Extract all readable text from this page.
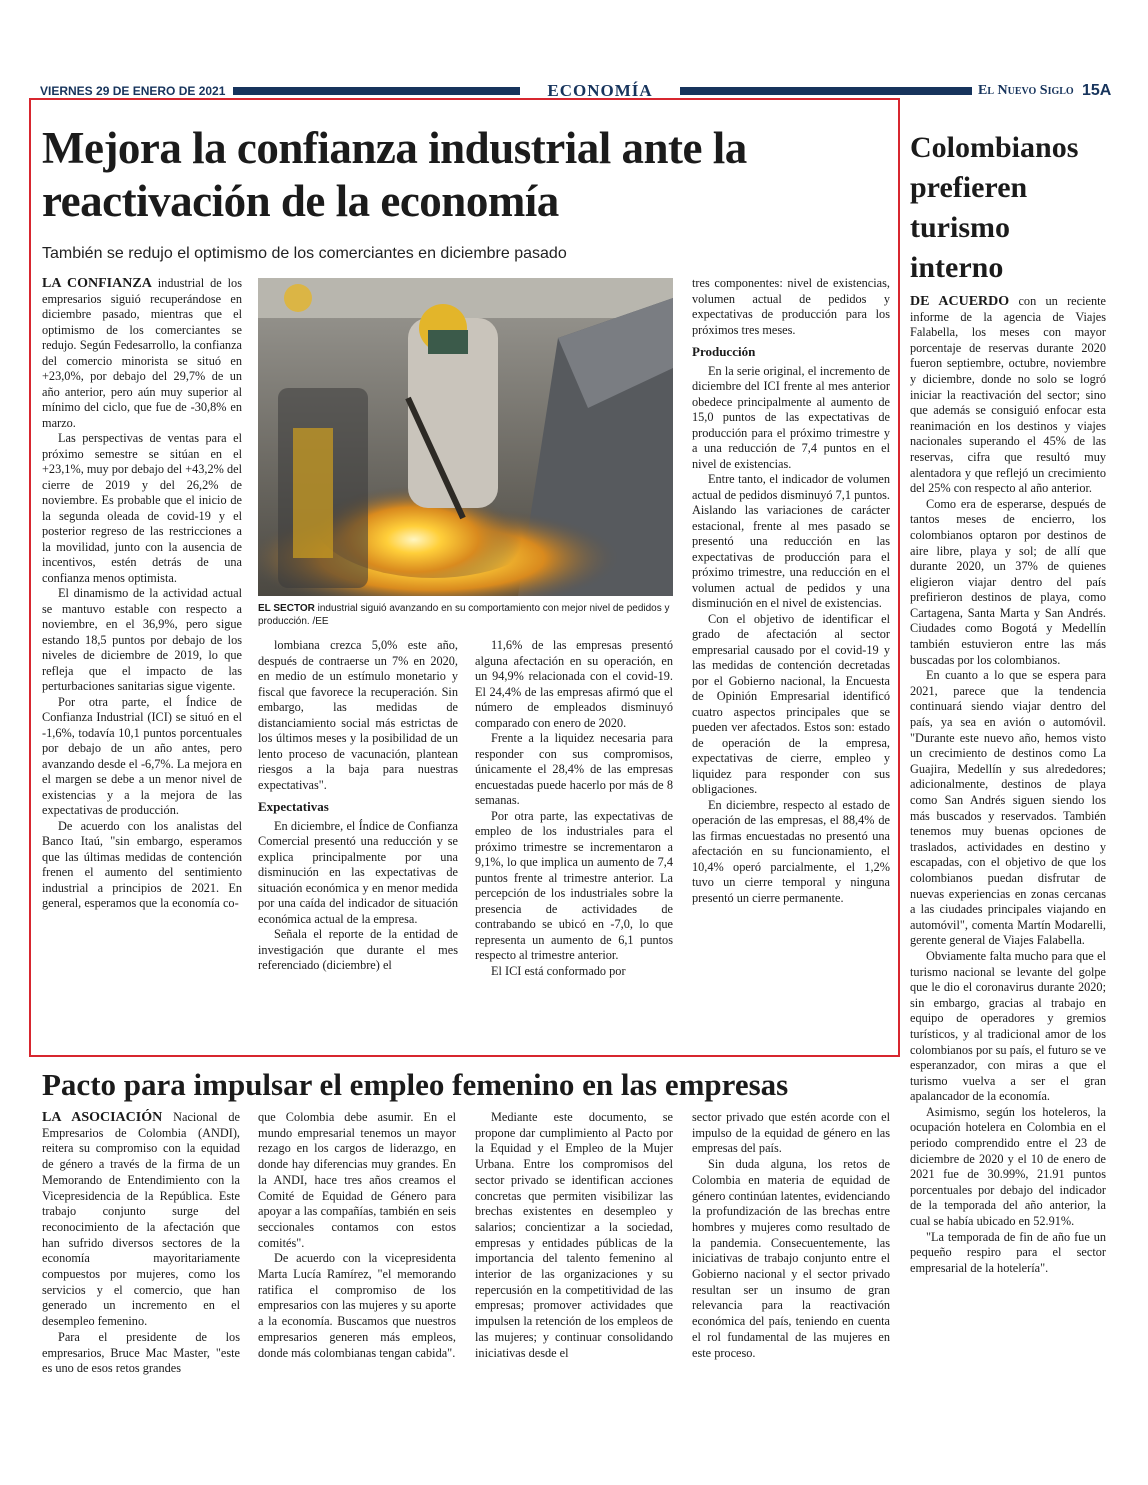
VIERNES 29 DE ENERO DE 2021	ECONOMÍA	El Nuevo Siglo 15A
Mejora la confianza industrial ante la reactivación de la economía
También se redujo el optimismo de los comerciantes en diciembre pasado

LA CONFIANZA industrial de los empresarios siguió recuperándose en diciembre pasado, mientras que el optimismo de los comerciantes se redujo. Según Fedesarrollo, la confianza del comercio minorista se situó en +23,0%, por debajo del 29,7% de un año anterior, pero aún muy superior al mínimo del ciclo, que fue de -30,8% en marzo.

Las perspectivas de ventas para el próximo semestre se sitúan en el +23,1%, muy por debajo del +43,2% del cierre de 2019 y del 26,2% de noviembre. Es probable que el inicio de la segunda oleada de covid-19 y el posterior regreso de las restricciones a la movilidad, junto con la ausencia de incentivos, estén detrás de una confianza menos optimista.

El dinamismo de la actividad actual se mantuvo estable con respecto a noviembre, en el 36,9%, pero sigue estando 18,5 puntos por debajo de los niveles de diciembre de 2019, lo que refleja que el impacto de las perturbaciones sanitarias sigue vigente.

Por otra parte, el Índice de Confianza Industrial (ICI) se situó en el -1,6%, todavía 10,1 puntos porcentuales por debajo de un año antes, pero avanzando desde el -6,7%. La mejora en el margen se debe a un menor nivel de existencias y a la mejora de las expectativas de producción.

De acuerdo con los analistas del Banco Itaú, "sin embargo, esperamos que las últimas medidas de contención frenen el aumento del sentimiento industrial a principios de 2021. En general, esperamos que la economía co-

EL SECTOR industrial siguió avanzando en su comportamiento con mejor nivel de pedidos y producción. /EE

lombiana crezca 5,0% este año, después de contraerse un 7% en 2020, en medio de un estímulo monetario y fiscal que favorece la recuperación. Sin embargo, las medidas de distanciamiento social más estrictas de los últimos meses y la posibilidad de un lento proceso de vacunación, plantean riesgos a la baja para nuestras expectativas".

Expectativas

En diciembre, el Índice de Confianza Comercial presentó una reducción y se explica principalmente por una disminución en las expectativas de situación económica y en menor medida por una caída del indicador de situación económica actual de la empresa.

Señala el reporte de la entidad de investigación que durante el mes referenciado (diciembre) el

11,6% de las empresas presentó alguna afectación en su operación, en un 94,9% relacionada con el covid-19. El 24,4% de las empresas afirmó que el número de empleados disminuyó comparado con enero de 2020.

Frente a la liquidez necesaria para responder con sus compromisos, únicamente el 28,4% de las empresas encuestadas puede hacerlo por más de 8 semanas.

Por otra parte, las expectativas de empleo de los industriales para el próximo trimestre se incrementaron a 9,1%, lo que implica un aumento de 7,4 puntos frente al trimestre anterior. La percepción de los industriales sobre la presencia de actividades de contrabando se ubicó en -7,0, lo que representa un aumento de 6,1 puntos respecto al trimestre anterior.

El ICI está conformado por

tres componentes: nivel de existencias, volumen actual de pedidos y expectativas de producción para los próximos tres meses.

Producción

En la serie original, el incremento de diciembre del ICI frente al mes anterior obedece principalmente al aumento de 15,0 puntos de las expectativas de producción para el próximo trimestre y a una reducción de 7,4 puntos en el nivel de existencias.

Entre tanto, el indicador de volumen actual de pedidos disminuyó 7,1 puntos. Aislando las variaciones de carácter estacional, frente al mes pasado se presentó una reducción en las expectativas de producción para el próximo trimestre, una reducción en el volumen actual de pedidos y una disminución en el nivel de existencias.

Con el objetivo de identificar el grado de afectación al sector empresarial causado por el covid-19 y las medidas de contención decretadas por el Gobierno nacional, la Encuesta de Opinión Empresarial identificó cuatro aspectos principales que se pueden ver afectados. Estos son: estado de operación de la empresa, expectativas de cierre, empleo y liquidez para responder con sus obligaciones.

En diciembre, respecto al estado de operación de las empresas, el 88,4% de las firmas encuestadas no presentó una afectación en su funcionamiento, el 10,4% operó parcialmente, el 1,2% tuvo un cierre temporal y ninguna presentó un cierre permanente.

Colombianos prefieren turismo interno

DE ACUERDO con un reciente informe de la agencia de Viajes Falabella, los meses con mayor porcentaje de reservas durante 2020 fueron septiembre, octubre, noviembre y diciembre, donde no solo se logró iniciar la reactivación del sector; sino que además se consiguió enfocar esta reanimación en los destinos y viajes nacionales superando el 45% de las reservas, cifra que resultó muy alentadora y que reflejó un crecimiento del 25% con respecto al año anterior.

Como era de esperarse, después de tantos meses de encierro, los colombianos optaron por destinos de aire libre, playa y sol; de allí que durante 2020, un 37% de quienes eligieron viajar dentro del país prefirieron destinos de playa, como Cartagena, Santa Marta y San Andrés. Ciudades como Bogotá y Medellín también estuvieron entre las más buscadas por los colombianos.

En cuanto a lo que se espera para 2021, parece que la tendencia continuará siendo viajar dentro del país, ya sea en avión o automóvil. "Durante este nuevo año, hemos visto un crecimiento de destinos como La Guajira, Medellín y sus alrededores; adicionalmente, destinos de playa como San Andrés siguen siendo los más buscados y reservados. También tenemos muy buenas opciones de traslados, actividades en destino y escapadas, con el objetivo de que los colombianos puedan disfrutar de nuevas experiencias en zonas cercanas a las ciudades principales viajando en automóvil", comenta Martín Modarelli, gerente general de Viajes Falabella.

Obviamente falta mucho para que el turismo nacional se levante del golpe que le dio el coronavirus durante 2020; sin embargo, gracias al trabajo en equipo de operadores y gremios turísticos, y al tradicional amor de los colombianos por su país, el futuro se ve esperanzador, con miras a que el turismo vuelva a ser el gran apalancador de la economía.

Asimismo, según los hoteleros, la ocupación hotelera en Colombia en el periodo comprendido entre el 23 de diciembre de 2020 y el 10 de enero de 2021 fue de 30.99%, 21.91 puntos porcentuales por debajo del indicador de la temporada del año anterior, la cual se había ubicado en 52.91%.

"La temporada de fin de año fue un pequeño respiro para el sector empresarial de la hotelería".

Pacto para impulsar el empleo femenino en las empresas

LA ASOCIACIÓN Nacional de Empresarios de Colombia (ANDI), reitera su compromiso con la equidad de género a través de la firma de un Memorando de Entendimiento con la Vicepresidencia de la República. Este trabajo conjunto surge del reconocimiento de la afectación que han sufrido diversos sectores de la economía mayoritariamente compuestos por mujeres, como los servicios y el comercio, que han generado un incremento en el desempleo femenino.

Para el presidente de los empresarios, Bruce Mac Master, "este es uno de esos retos grandes

que Colombia debe asumir. En el mundo empresarial tenemos un mayor rezago en los cargos de liderazgo, en donde hay diferencias muy grandes. En la ANDI, hace tres años creamos el Comité de Equidad de Género para apoyar a las compañías, también en seis seccionales contamos con estos comités".

De acuerdo con la vicepresidenta Marta Lucía Ramírez, "el memorando ratifica el compromiso de los empresarios con las mujeres y su aporte a la economía. Buscamos que nuestros empresarios generen más empleos, donde más colombianas tengan cabida".

Mediante este documento, se propone dar cumplimiento al Pacto por la Equidad y el Empleo de la Mujer Urbana. Entre los compromisos del sector privado se identifican acciones concretas que permiten visibilizar las brechas existentes en desempleo y salarios; concientizar a la sociedad, empresas y entidades públicas de la importancia del talento femenino al interior de las organizaciones y su repercusión en la competitividad de las empresas; promover actividades que impulsen la retención de los empleos de las mujeres; y continuar consolidando iniciativas desde el

sector privado que estén acorde con el impulso de la equidad de género en las empresas del país.

Sin duda alguna, los retos de Colombia en materia de equidad de género continúan latentes, evidenciando la profundización de las brechas entre hombres y mujeres como resultado de la pandemia. Consecuentemente, las iniciativas de trabajo conjunto entre el Gobierno nacional y el sector privado resultan ser un insumo de gran relevancia para la reactivación económica del país, teniendo en cuenta el rol fundamental de las mujeres en este proceso.
